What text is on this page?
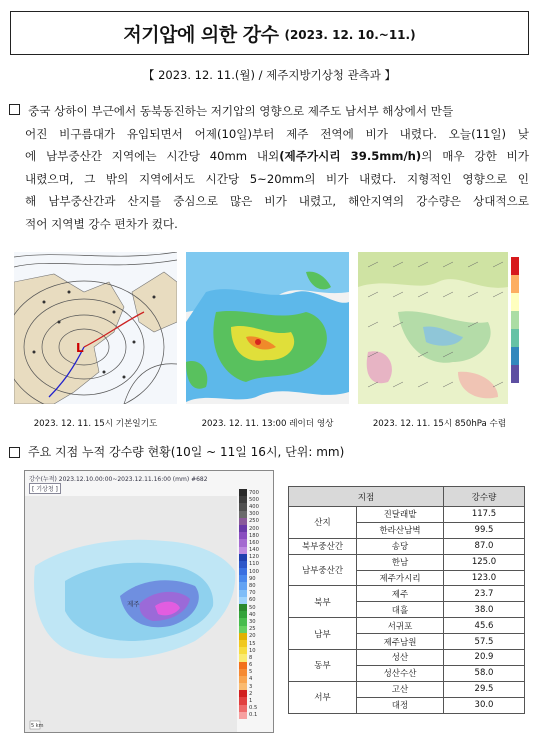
저기압에 의한 강수 (2023. 12. 10.~11.)
【 2023. 12. 11.(월) / 제주지방기상청 관측과 】
중국 상하이 부근에서 동북동진하는 저기압의 영향으로 제주도 남서부 해상에서 만들
어진 비구름대가 유입되면서 어제(10일)부터 제주 전역에 비가 내렸다. 오늘(11일) 낮
에 남부중산간 지역에는 시간당 40mm 내외(제주가시리 39.5mm/h)의 매우 강한 비가
내렸으며, 그 밖의 지역에서도 시간당 5~20mm의 비가 내렸다. 지형적인 영향으로 인
해 남부중산간과 산지를 중심으로 많은 비가 내렸고, 해안지역의 강수량은 상대적으로
적어 지역별 강수 편차가 컸다.
L
2023. 12. 11. 15시 기본일기도	2023. 12. 11. 13:00 레이더 영상	2023. 12. 11. 15시 850hPa 수렴
주요 지점 누적 강수량 현황(10일 ~ 11일 16시, 단위: mm)
제주
5 km
강수(누적) 2023.12.10.00:00~2023.12.11.16:00 (mm) #682
[ 기상청 ]	700
500
400
300
250
200
180
160
140
120
110
100
90
80
70
60
50
40
30
25
20
15
10
8
6
5
4
3
2
1
0.5
0.1
지점		강수량
산지	진달래밭	117.5
	한라산남벽	99.5
북부중산간	송당	87.0
남부중산간	한남	125.0
	제주가시리	123.0
북부	제주	23.7
	대흘	38.0
남부	서귀포	45.6
	제주남원	57.5
동부	성산	20.9
	성산수산	58.0
서부	고산	29.5
	대정	30.0
